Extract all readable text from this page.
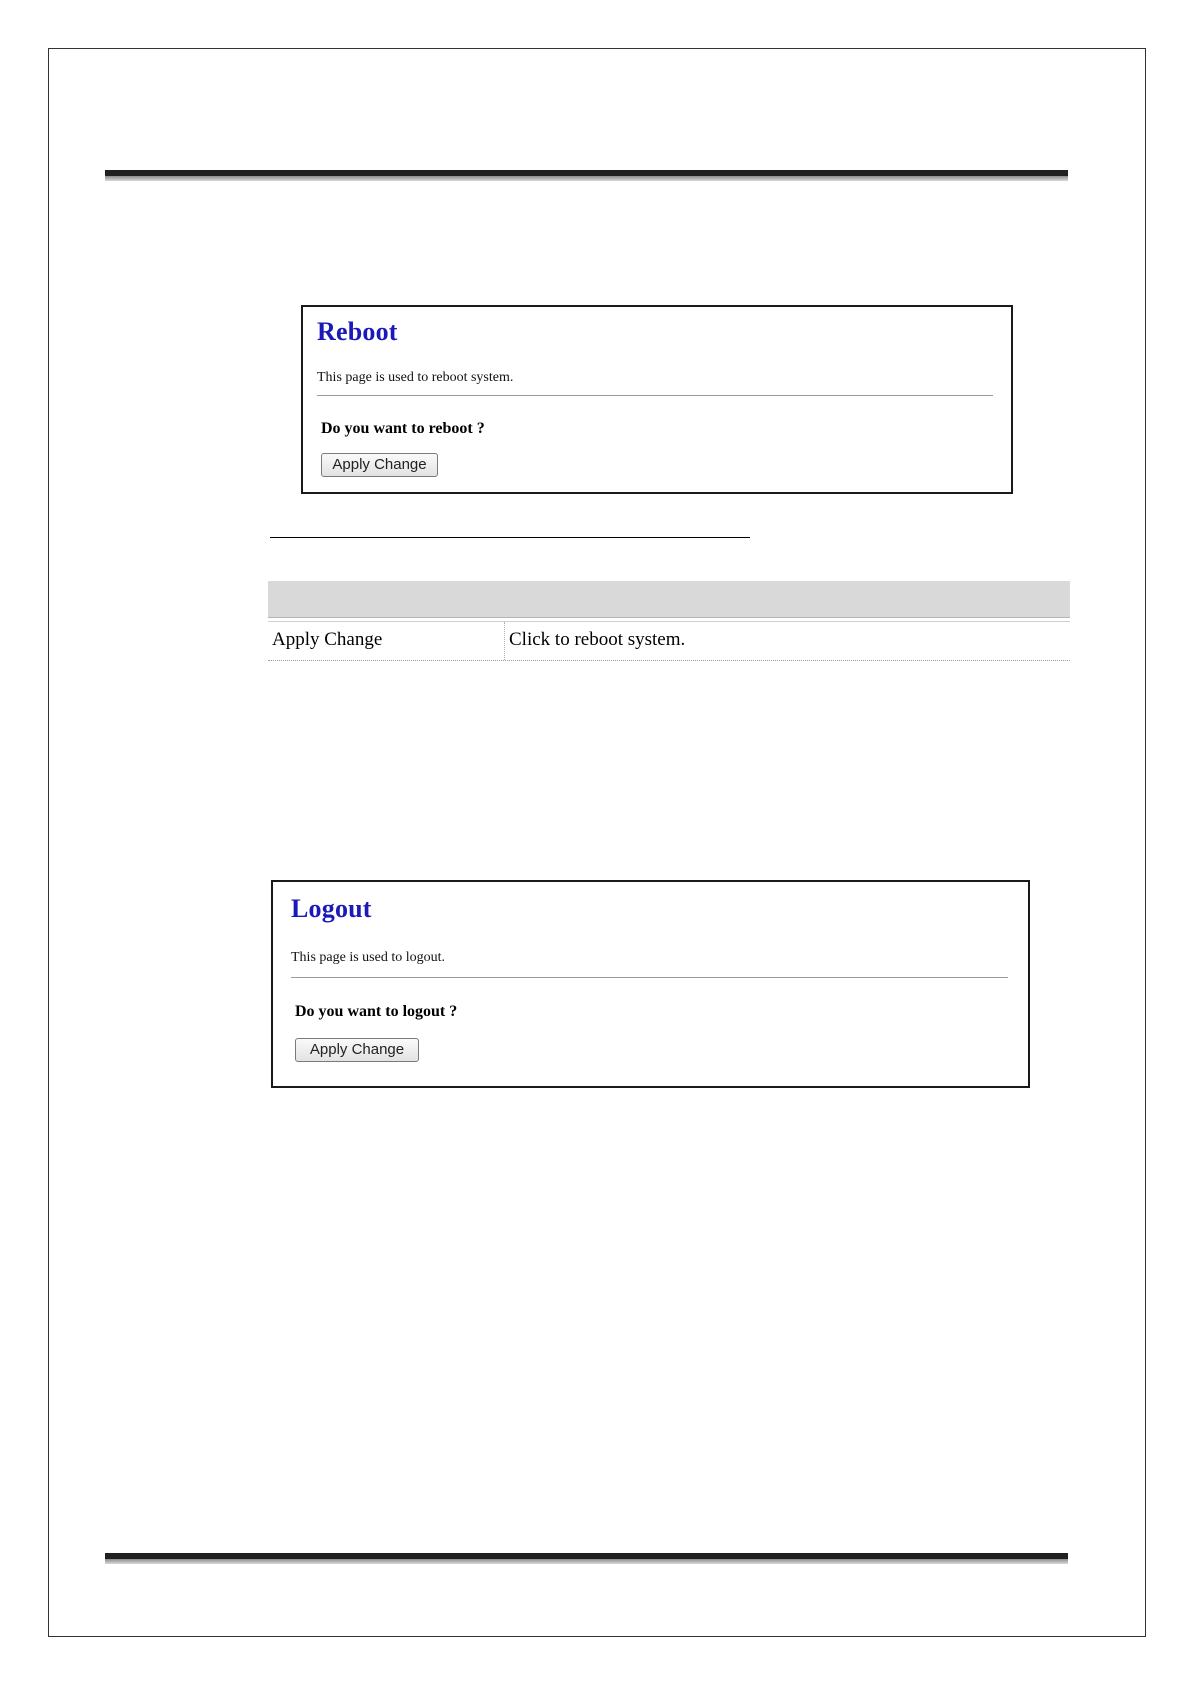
Reboot
This page is used to reboot system.
Do you want to reboot ?
Apply Change
Apply Change	Click to reboot system.
Logout
This page is used to logout.
Do you want to logout ?
Apply Change
